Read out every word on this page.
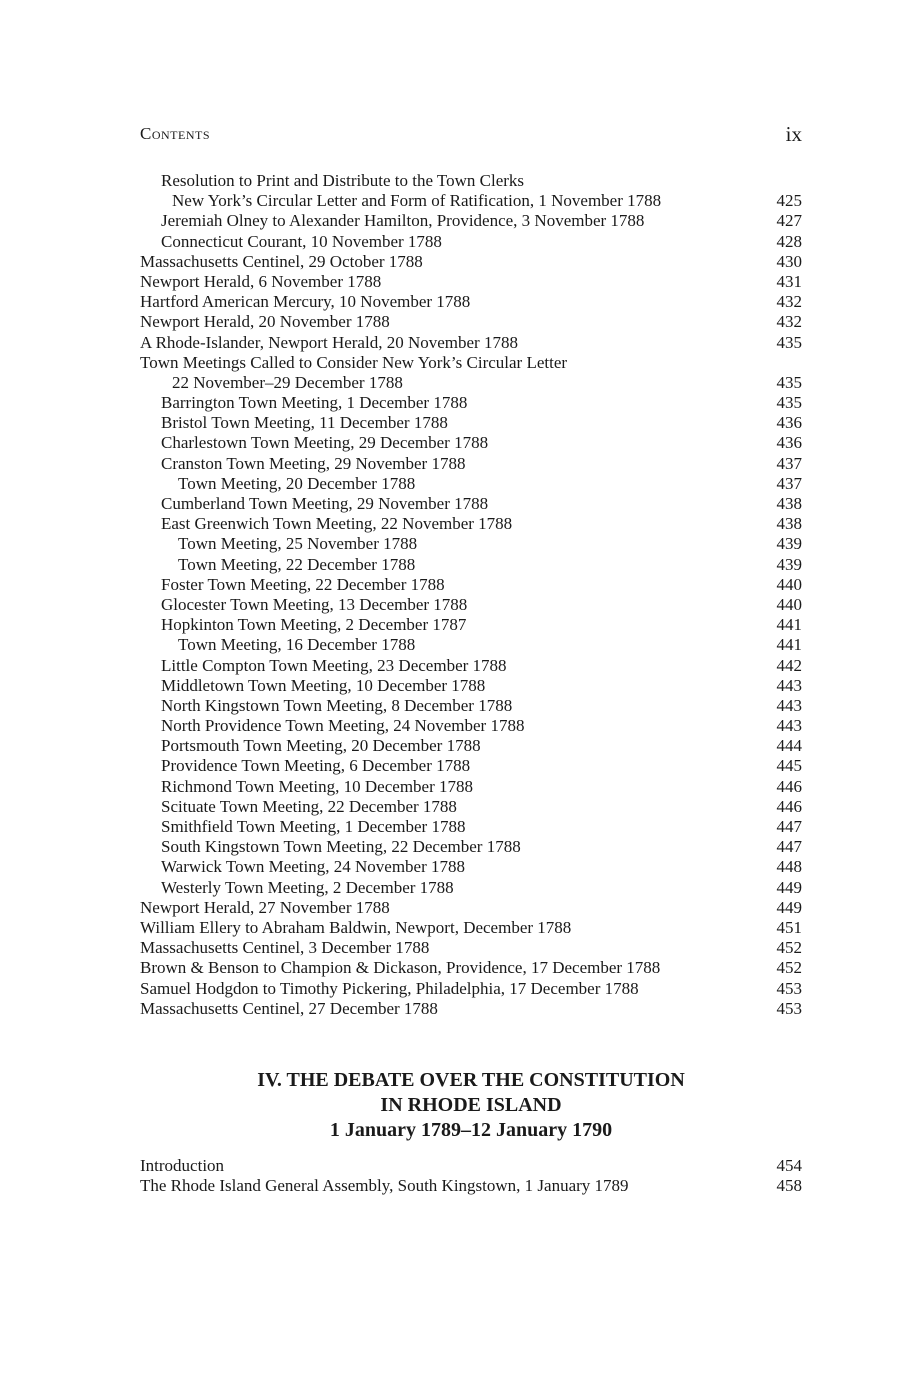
Contents	ix
Resolution to Print and Distribute to the Town Clerks
New York’s Circular Letter and Form of Ratification, 1 November 1788	425
Jeremiah Olney to Alexander Hamilton, Providence, 3 November 1788	427
Connecticut Courant, 10 November 1788	428
Massachusetts Centinel, 29 October 1788	430
Newport Herald, 6 November 1788	431
Hartford American Mercury, 10 November 1788	432
Newport Herald, 20 November 1788	432
A Rhode-Islander, Newport Herald, 20 November 1788	435
Town Meetings Called to Consider New York’s Circular Letter
22 November–29 December 1788	435
Barrington Town Meeting, 1 December 1788	435
Bristol Town Meeting, 11 December 1788	436
Charlestown Town Meeting, 29 December 1788	436
Cranston Town Meeting, 29 November 1788	437
Town Meeting, 20 December 1788	437
Cumberland Town Meeting, 29 November 1788	438
East Greenwich Town Meeting, 22 November 1788	438
Town Meeting, 25 November 1788	439
Town Meeting, 22 December 1788	439
Foster Town Meeting, 22 December 1788	440
Glocester Town Meeting, 13 December 1788	440
Hopkinton Town Meeting, 2 December 1787	441
Town Meeting, 16 December 1788	441
Little Compton Town Meeting, 23 December 1788	442
Middletown Town Meeting, 10 December 1788	443
North Kingstown Town Meeting, 8 December 1788	443
North Providence Town Meeting, 24 November 1788	443
Portsmouth Town Meeting, 20 December 1788	444
Providence Town Meeting, 6 December 1788	445
Richmond Town Meeting, 10 December 1788	446
Scituate Town Meeting, 22 December 1788	446
Smithfield Town Meeting, 1 December 1788	447
South Kingstown Town Meeting, 22 December 1788	447
Warwick Town Meeting, 24 November 1788	448
Westerly Town Meeting, 2 December 1788	449
Newport Herald, 27 November 1788	449
William Ellery to Abraham Baldwin, Newport, December 1788	451
Massachusetts Centinel, 3 December 1788	452
Brown & Benson to Champion & Dickason, Providence, 17 December 1788	452
Samuel Hodgdon to Timothy Pickering, Philadelphia, 17 December 1788	453
Massachusetts Centinel, 27 December 1788	453
IV. THE DEBATE OVER THE CONSTITUTION
IN RHODE ISLAND
1 January 1789–12 January 1790
Introduction	454
The Rhode Island General Assembly, South Kingstown, 1 January 1789	458
